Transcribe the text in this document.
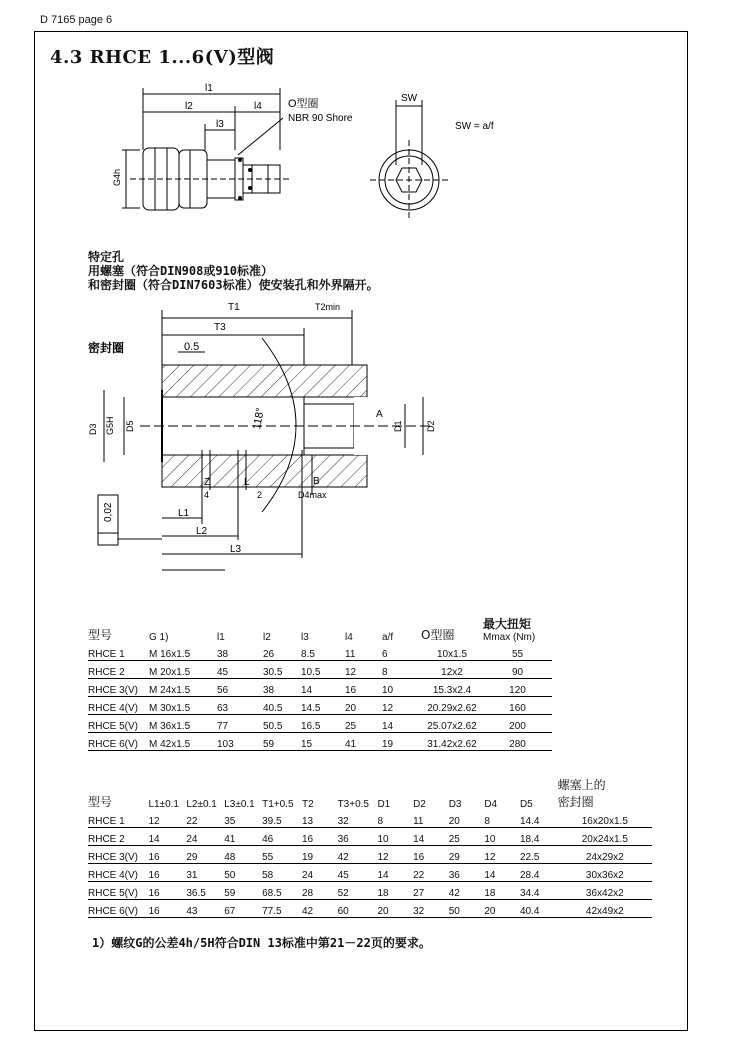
D 7165 page 6
4.3 RHCE 1...6(V)型阀
l1
l2	l4
l3
G4h
O型圈
NBR 90 Shore
SW
SW = a/f
特定孔
用螺塞（符合DIN908或910标准）
和密封圈（符合DIN7603标准）使安装孔和外界隔开。
密封圈
T1	T2min
T3
0.5
118°
D3 G5H D5	D1	D2
A
B
Z	L
D4max
4	2
L1
L2
L3
0,02
型号	G 1)	l1	l2	l3	l4	a/f	O型圈	最大扭矩
Mmax (Nm)

RHCE 1	M 16x1.5	38	26	8.5	11	6	10x1.5	55
RHCE 2	M 20x1.5	45	30.5	10.5	12	8	12x2	90
RHCE 3(V)	M 24x1.5	56	38	14	16	10	15.3x2.4	120
RHCE 4(V)	M 30x1.5	63	40.5	14.5	20	12	20.29x2.62	160
RHCE 5(V)	M 36x1.5	77	50.5	16.5	25	14	25.07x2.62	200
RHCE 6(V)	M 42x1.5	103	59	15	41	19	31.42x2.62	280
型号	L1±0.1	L2±0.1	L3±0.1	T1+0.5	T2	T3+0.5	D1	D2	D3	D4	D5	螺塞上的
密封圈

RHCE 1	12	22	35	39.5	13	32	8	11	20	8	14.4	16x20x1.5
RHCE 2	14	24	41	46	16	36	10	14	25	10	18.4	20x24x1.5
RHCE 3(V)	16	29	48	55	19	42	12	16	29	12	22.5	24x29x2
RHCE 4(V)	16	31	50	58	24	45	14	22	36	14	28.4	30x36x2
RHCE 5(V)	16	36.5	59	68.5	28	52	18	27	42	18	34.4	36x42x2
RHCE 6(V)	16	43	67	77.5	42	60	20	32	50	20	40.4	42x49x2
1）螺纹G的公差4h/5H符合DIN 13标准中第21－22页的要求。
